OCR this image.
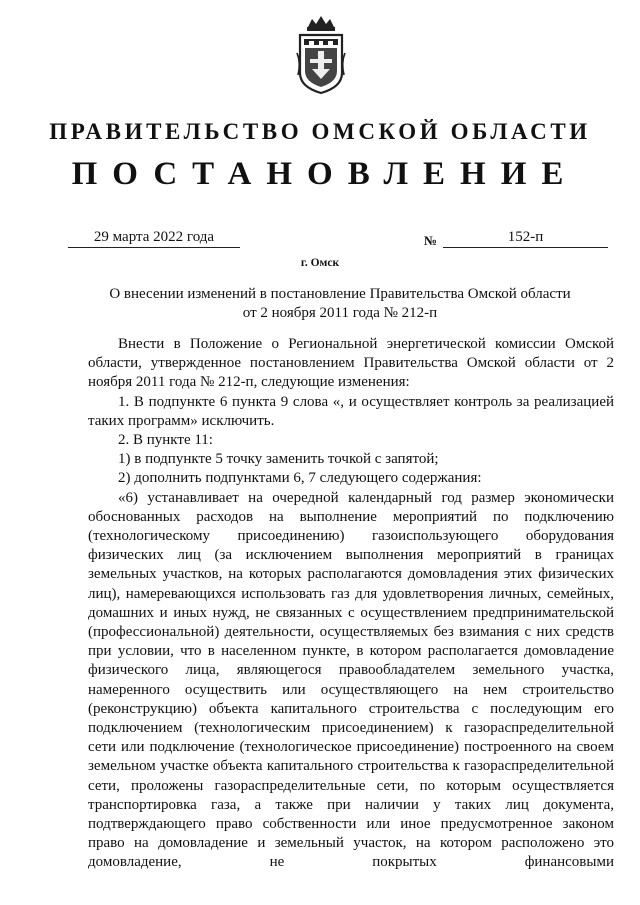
ПРАВИТЕЛЬСТВО ОМСКОЙ ОБЛАСТИ
ПОСТАНОВЛЕНИЕ
29 марта 2022 года	№	152-п
г. Омск
О внесении изменений в постановление Правительства Омской области
от 2 ноября 2011 года № 212-п

Внести в Положение о Региональной энергетической комиссии Омской области, утвержденное постановлением Правительства Омской области от 2 ноября 2011 года № 212-п, следующие изменения:

1. В подпункте 6 пункта 9 слова «, и осуществляет контроль за реализацией таких программ» исключить.

2. В пункте 11:

1) в подпункте 5 точку заменить точкой с запятой;

2) дополнить подпунктами 6, 7 следующего содержания:

«6) устанавливает на очередной календарный год размер экономически обоснованных расходов на выполнение мероприятий по подключению (технологическому присоединению) газоиспользующего оборудования физических лиц (за исключением выполнения мероприятий в границах земельных участков, на которых располагаются домовладения этих физических лиц), намеревающихся использовать газ для удовлетворения личных, семейных, домашних и иных нужд, не связанных с осуществлением предпринимательской (профессиональной) деятельности, осуществляемых без взимания с них средств при условии, что в населенном пункте, в котором располагается домовладение физического лица, являющегося правообладателем земельного участка, намеренного осуществить или осуществляющего на нем строительство (реконструкцию) объекта капитального строительства с последующим его подключением (технологическим присоединением) к газораспределительной сети или подключение (технологическое присоединение) построенного на своем земельном участке объекта капитального строительства к газораспределительной сети, проложены газораспределительные сети, по которым осуществляется транспортировка газа, а также при наличии у таких лиц документа, подтверждающего право собственности или иное предусмотренное законом право на домовладение и земельный участок, на котором расположено это домовладение, не покрытых финансовыми
